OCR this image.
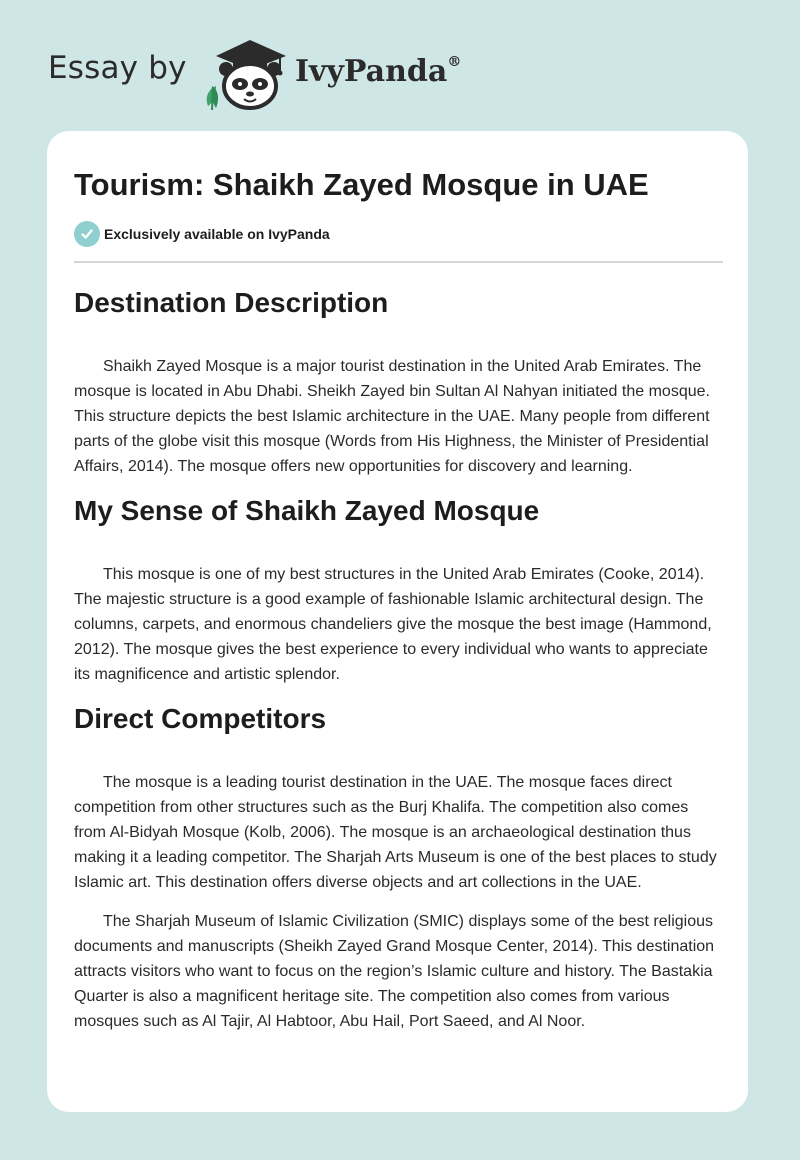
Essay by	IvyPanda®
Tourism: Shaikh Zayed Mosque in UAE
Exclusively available on IvyPanda
Destination Description

Shaikh Zayed Mosque is a major tourist destination in the United Arab Emirates. The mosque is located in Abu Dhabi. Sheikh Zayed bin Sultan Al Nahyan initiated the mosque. This structure depicts the best Islamic architecture in the UAE. Many people from different parts of the globe visit this mosque (Words from His Highness, the Minister of Presidential Affairs, 2014). The mosque offers new opportunities for discovery and learning.

My Sense of Shaikh Zayed Mosque

This mosque is one of my best structures in the United Arab Emirates (Cooke, 2014). The majestic structure is a good example of fashionable Islamic architectural design. The columns, carpets, and enormous chandeliers give the mosque the best image (Hammond, 2012). The mosque gives the best experience to every individual who wants to appreciate its magnificence and artistic splendor.

Direct Competitors

The mosque is a leading tourist destination in the UAE. The mosque faces direct competition from other structures such as the Burj Khalifa. The competition also comes from Al-Bidyah Mosque (Kolb, 2006). The mosque is an archaeological destination thus making it a leading competitor. The Sharjah Arts Museum is one of the best places to study Islamic art. This destination offers diverse objects and art collections in the UAE.

The Sharjah Museum of Islamic Civilization (SMIC) displays some of the best religious documents and manuscripts (Sheikh Zayed Grand Mosque Center, 2014). This destination attracts visitors who want to focus on the region’s Islamic culture and history. The Bastakia Quarter is also a magnificent heritage site. The competition also comes from various mosques such as Al Tajir, Al Habtoor, Abu Hail, Port Saeed, and Al Noor.
